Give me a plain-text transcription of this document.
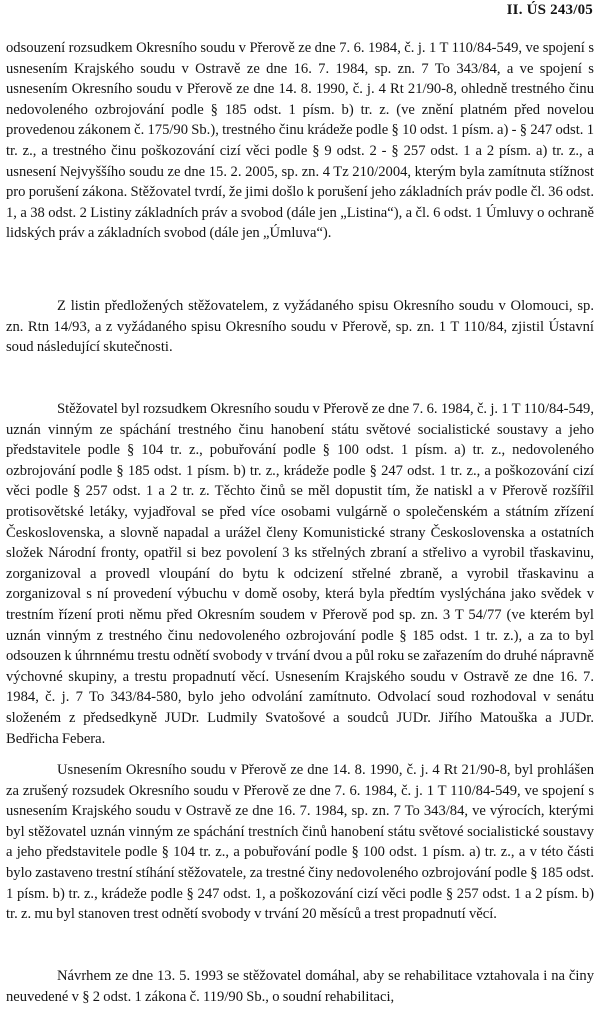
II. ÚS 243/05

odsouzení rozsudkem Okresního soudu v Přerově ze dne 7. 6. 1984, č. j. 1 T 110/84-549, ve spojení s usnesením Krajského soudu v Ostravě ze dne 16. 7. 1984, sp. zn. 7 To 343/84, a ve spojení s usnesením Okresního soudu v Přerově ze dne 14. 8. 1990, č. j. 4 Rt 21/90-8, ohledně trestného činu nedovoleného ozbrojování podle § 185 odst. 1 písm. b) tr. z. (ve znění platném před novelou provedenou zákonem č. 175/90 Sb.), trestného činu krádeže podle § 10 odst. 1 písm. a) - § 247 odst. 1 tr. z., a trestného činu poškozování cizí věci podle § 9 odst. 2 - § 257 odst. 1 a 2 písm. a) tr. z., a usnesení Nejvyššího soudu ze dne 15. 2. 2005, sp. zn. 4 Tz 210/2004, kterým byla zamítnuta stížnost pro porušení zákona. Stěžovatel tvrdí, že jimi došlo k porušení jeho základních práv podle čl. 36 odst. 1, a 38 odst. 2 Listiny základních práv a svobod (dále jen „Listina“), a čl. 6 odst. 1 Úmluvy o ochraně lidských práv a základních svobod (dále jen „Úmluva“).

Z listin předložených stěžovatelem, z vyžádaného spisu Okresního soudu v Olomouci, sp. zn. Rtn 14/93, a z vyžádaného spisu Okresního soudu v Přerově, sp. zn. 1 T 110/84, zjistil Ústavní soud následující skutečnosti.

Stěžovatel byl rozsudkem Okresního soudu v Přerově ze dne 7. 6. 1984, č. j. 1 T 110/84-549, uznán vinným ze spáchání trestného činu hanobení státu světové socialistické soustavy a jeho představitele podle § 104 tr. z., pobuřování podle § 100 odst. 1 písm. a) tr. z., nedovoleného ozbrojování podle § 185 odst. 1 písm. b) tr. z., krádeže podle § 247 odst. 1 tr. z., a poškozování cizí věci podle § 257 odst. 1 a 2 tr. z. Těchto činů se měl dopustit tím, že natiskl a v Přerově rozšířil protisovětské letáky, vyjadřoval se před více osobami vulgárně o společenském a státním zřízení Československa, a slovně napadal a urážel členy Komunistické strany Československa a ostatních složek Národní fronty, opatřil si bez povolení 3 ks střelných zbraní a střelivo a vyrobil třaskavinu, zorganizoval a provedl vloupání do bytu k odcizení střelné zbraně, a vyrobil třaskavinu a zorganizoval s ní provedení výbuchu v domě osoby, která byla předtím vyslýchána jako svědek v trestním řízení proti němu před Okresním soudem v Přerově pod sp. zn. 3 T 54/77 (ve kterém byl uznán vinným z trestného činu nedovoleného ozbrojování podle § 185 odst. 1 tr. z.), a za to byl odsouzen k úhrnnému trestu odnětí svobody v trvání dvou a půl roku se zařazením do druhé nápravně výchovné skupiny, a trestu propadnutí věcí. Usnesením Krajského soudu v Ostravě ze dne 16. 7. 1984, č. j. 7 To 343/84-580, bylo jeho odvolání zamítnuto. Odvolací soud rozhodoval v senátu složeném z předsedkyně JUDr. Ludmily Svatošové a soudců JUDr. Jiřího Matouška a JUDr. Bedřicha Febera.

Usnesením Okresního soudu v Přerově ze dne 14. 8. 1990, č. j. 4 Rt 21/90-8, byl prohlášen za zrušený rozsudek Okresního soudu v Přerově ze dne 7. 6. 1984, č. j. 1 T 110/84-549, ve spojení s usnesením Krajského soudu v Ostravě ze dne 16. 7. 1984, sp. zn. 7 To 343/84, ve výrocích, kterými byl stěžovatel uznán vinným ze spáchání trestních činů hanobení státu světové socialistické soustavy a jeho představitele podle § 104 tr. z., a pobuřování podle § 100 odst. 1 písm. a) tr. z., a v této části bylo zastaveno trestní stíhání stěžovatele, za trestné činy nedovoleného ozbrojování podle § 185 odst. 1 písm. b) tr. z., krádeže podle § 247 odst. 1, a poškozování cizí věci podle § 257 odst. 1 a 2 písm. b) tr. z. mu byl stanoven trest odnětí svobody v trvání 20 měsíců a trest propadnutí věcí.

Návrhem ze dne 13. 5. 1993 se stěžovatel domáhal, aby se rehabilitace vztahovala i na činy neuvedené v § 2 odst. 1 zákona č. 119/90 Sb., o soudní rehabilitaci,
